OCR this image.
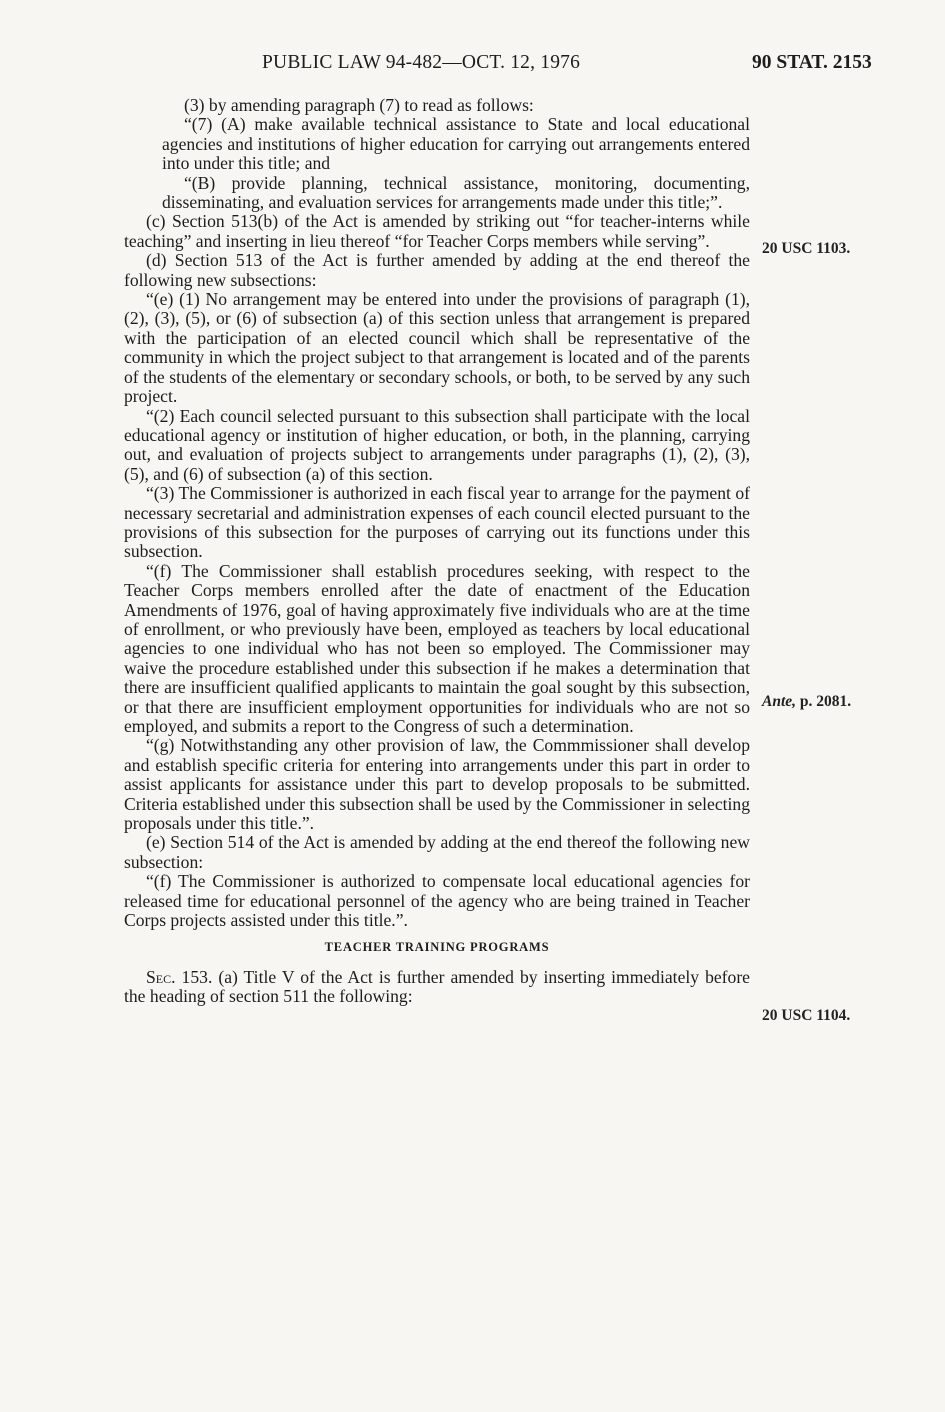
PUBLIC LAW 94-482—OCT. 12, 1976	90 STAT. 2153

(3) by amending paragraph (7) to read as follows:

“(7) (A) make available technical assistance to State and local educational agencies and institutions of higher education for carrying out arrangements entered into under this title; and

“(B) provide planning, technical assistance, monitoring, documenting, disseminating, and evaluation services for arrangements made under this title;”.

(c) Section 513(b) of the Act is amended by striking out “for teacher-interns while teaching” and inserting in lieu thereof “for Teacher Corps members while serving”.

(d) Section 513 of the Act is further amended by adding at the end thereof the following new subsections:

“(e) (1) No arrangement may be entered into under the provisions of paragraph (1), (2), (3), (5), or (6) of subsection (a) of this section unless that arrangement is prepared with the participation of an elected council which shall be representative of the community in which the project subject to that arrangement is located and of the parents of the students of the elementary or secondary schools, or both, to be served by any such project.

“(2) Each council selected pursuant to this subsection shall participate with the local educational agency or institution of higher education, or both, in the planning, carrying out, and evaluation of projects subject to arrangements under paragraphs (1), (2), (3), (5), and (6) of subsection (a) of this section.

“(3) The Commissioner is authorized in each fiscal year to arrange for the payment of necessary secretarial and administration expenses of each council elected pursuant to the provisions of this subsection for the purposes of carrying out its functions under this subsection.

“(f) The Commissioner shall establish procedures seeking, with respect to the Teacher Corps members enrolled after the date of enactment of the Education Amendments of 1976, goal of having approximately five individuals who are at the time of enrollment, or who previously have been, employed as teachers by local educational agencies to one individual who has not been so employed. The Commissioner may waive the procedure established under this subsection if he makes a determination that there are insufficient qualified applicants to maintain the goal sought by this subsection, or that there are insufficient employment opportunities for individuals who are not so employed, and submits a report to the Congress of such a determination.

“(g) Notwithstanding any other provision of law, the Commmissioner shall develop and establish specific criteria for entering into arrangements under this part in order to assist applicants for assistance under this part to develop proposals to be submitted. Criteria established under this subsection shall be used by the Commissioner in selecting proposals under this title.”.

(e) Section 514 of the Act is amended by adding at the end thereof the following new subsection:

“(f) The Commissioner is authorized to compensate local educational agencies for released time for educational personnel of the agency who are being trained in Teacher Corps projects assisted under this title.”.

TEACHER TRAINING PROGRAMS

Sec. 153. (a) Title V of the Act is further amended by inserting immediately before the heading of section 511 the following:

20 USC 1103.
Ante, p. 2081.
20 USC 1104.
